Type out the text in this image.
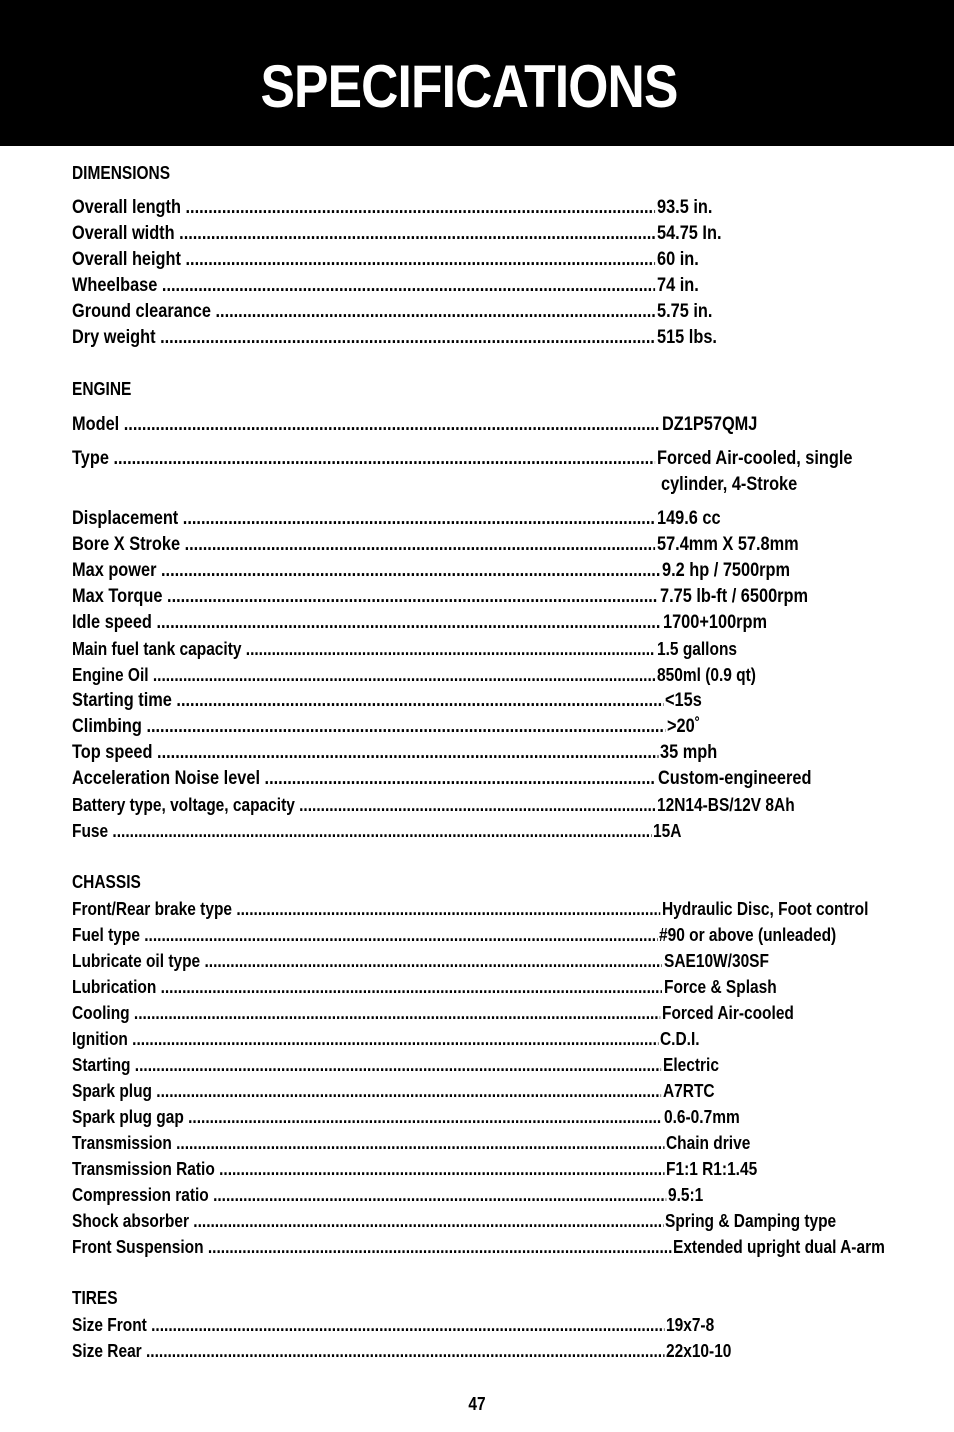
SPECIFICATIONS
DIMENSIONS
Overall length .....	93.5 in.
Overall width .....	54.75 In.
Overall height .....	60 in.
Wheelbase .....	74 in.
Ground clearance .....	5.75 in.
Dry weight .....	515 lbs.
ENGINE
Model .....	DZ1P57QMJ
Type .....	Forced Air-cooled, single
cylinder, 4-Stroke
Displacement .....	149.6 cc
Bore X Stroke .....	57.4mm X 57.8mm
Max power .....	9.2 hp / 7500rpm
Max Torque .....	7.75 lb-ft / 6500rpm
Idle speed .....	1700+100rpm
Main fuel tank capacity .....	1.5 gallons
Engine Oil .....	850ml (0.9 qt)
Starting time .....	<15s
Climbing .....	>20˚
Top speed .....	35 mph
Acceleration Noise level .....	Custom-engineered
Battery type, voltage, capacity .....	12N14-BS/12V 8Ah
Fuse .....	15A
CHASSIS
Front/Rear brake type .....	Hydraulic Disc, Foot control
Fuel type .....	#90 or above (unleaded)
Lubricate oil type .....	SAE10W/30SF
Lubrication .....	Force & Splash
Cooling .....	Forced Air-cooled
Ignition .....	C.D.I.
Starting .....	Electric
Spark plug .....	A7RTC
Spark plug gap .....	0.6-0.7mm
Transmission .....	Chain drive
Transmission Ratio .....	F1:1 R1:1.45
Compression ratio .....	9.5:1
Shock absorber .....	Spring & Damping type
Front Suspension .....	Extended upright dual A-arm
TIRES
Size Front .....	19x7-8
Size Rear .....	22x10-10
47
